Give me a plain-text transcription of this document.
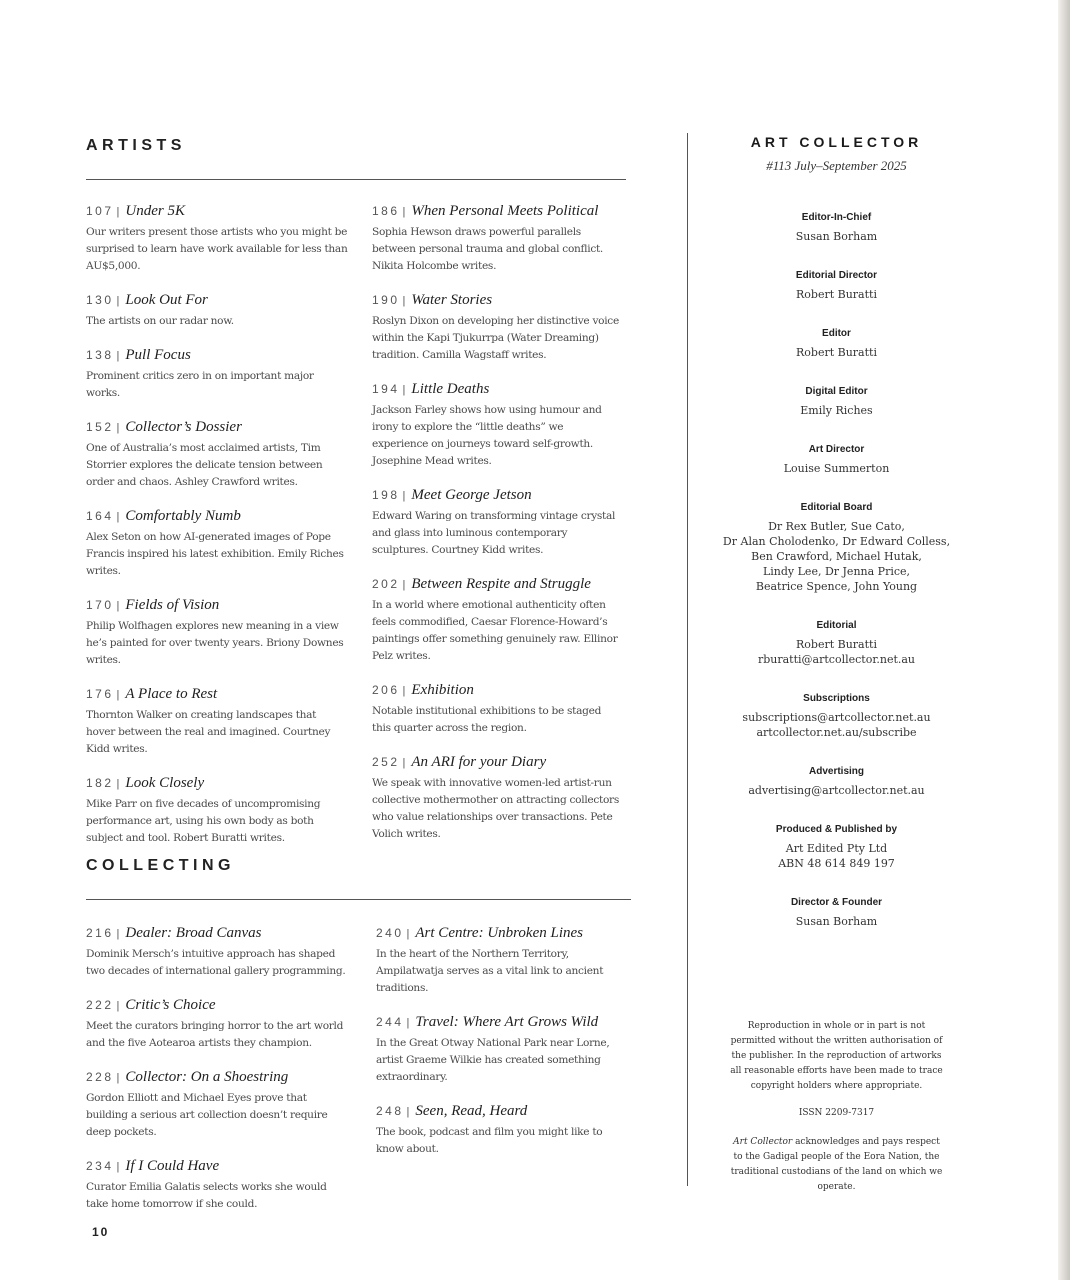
ARTISTS
107 | Under 5K
Our writers present those artists who you might be surprised to learn have work available for less than AU$5,000.
130 | Look Out For
The artists on our radar now.
138 | Pull Focus
Prominent critics zero in on important major works.
152 | Collector’s Dossier
One of Australia’s most acclaimed artists, Tim Storrier explores the delicate tension between order and chaos. Ashley Crawford writes.
164 | Comfortably Numb
Alex Seton on how AI-generated images of Pope Francis inspired his latest exhibition. Emily Riches writes.
170 | Fields of Vision
Philip Wolfhagen explores new meaning in a view he’s painted for over twenty years. Briony Downes writes.
176 | A Place to Rest
Thornton Walker on creating landscapes that hover between the real and imagined. Courtney Kidd writes.
182 | Look Closely
Mike Parr on five decades of uncompromising performance art, using his own body as both subject and tool. Robert Buratti writes.
186 | When Personal Meets Political
Sophia Hewson draws powerful parallels between personal trauma and global conflict. Nikita Holcombe writes.
190 | Water Stories
Roslyn Dixon on developing her distinctive voice within the Kapi Tjukurrpa (Water Dreaming) tradition. Camilla Wagstaff writes.
194 | Little Deaths
Jackson Farley shows how using humour and irony to explore the “little deaths” we experience on journeys toward self-growth. Josephine Mead writes.
198 | Meet George Jetson
Edward Waring on transforming vintage crystal and glass into luminous contemporary sculptures. Courtney Kidd writes.
202 | Between Respite and Struggle
In a world where emotional authenticity often feels commodified, Caesar Florence-Howard’s paintings offer something genuinely raw. Ellinor Pelz writes.
206 | Exhibition
Notable institutional exhibitions to be staged this quarter across the region.
252 | An ARI for your Diary
We speak with innovative women-led artist-run collective mothermother on attracting collectors who value relationships over transactions. Pete Volich writes.
COLLECTING
216 | Dealer: Broad Canvas
Dominik Mersch’s intuitive approach has shaped two decades of international gallery programming.
222 | Critic’s Choice
Meet the curators bringing horror to the art world and the five Aotearoa artists they champion.
228 | Collector: On a Shoestring
Gordon Elliott and Michael Eyes prove that building a serious art collection doesn’t require deep pockets.
234 | If I Could Have
Curator Emilia Galatis selects works she would take home tomorrow if she could.
240 | Art Centre: Unbroken Lines
In the heart of the Northern Territory, Ampilatwatja serves as a vital link to ancient traditions.
244 | Travel: Where Art Grows Wild
In the Great Otway National Park near Lorne, artist Graeme Wilkie has created something extraordinary.
248 | Seen, Read, Heard
The book, podcast and film you might like to know about.
ART COLLECTOR
#113 July–September 2025
Editor-In-Chief
Susan Borham
Editorial Director
Robert Buratti
Editor
Robert Buratti
Digital Editor
Emily Riches
Art Director
Louise Summerton
Editorial Board
Dr Rex Butler, Sue Cato,
Dr Alan Cholodenko, Dr Edward Colless,
Ben Crawford, Michael Hutak,
Lindy Lee, Dr Jenna Price,
Beatrice Spence, John Young
Editorial
Robert Buratti
rburatti@artcollector.net.au
Subscriptions
subscriptions@artcollector.net.au
artcollector.net.au/subscribe
Advertising
advertising@artcollector.net.au
Produced & Published by
Art Edited Pty Ltd
ABN 48 614 849 197
Director & Founder
Susan Borham
Reproduction in whole or in part is not permitted without the written authorisation of the publisher. In the reproduction of artworks all reasonable efforts have been made to trace copyright holders where appropriate.
ISSN 2209-7317
Art Collector acknowledges and pays respect to the Gadigal people of the Eora Nation, the traditional custodians of the land on which we operate.
10
